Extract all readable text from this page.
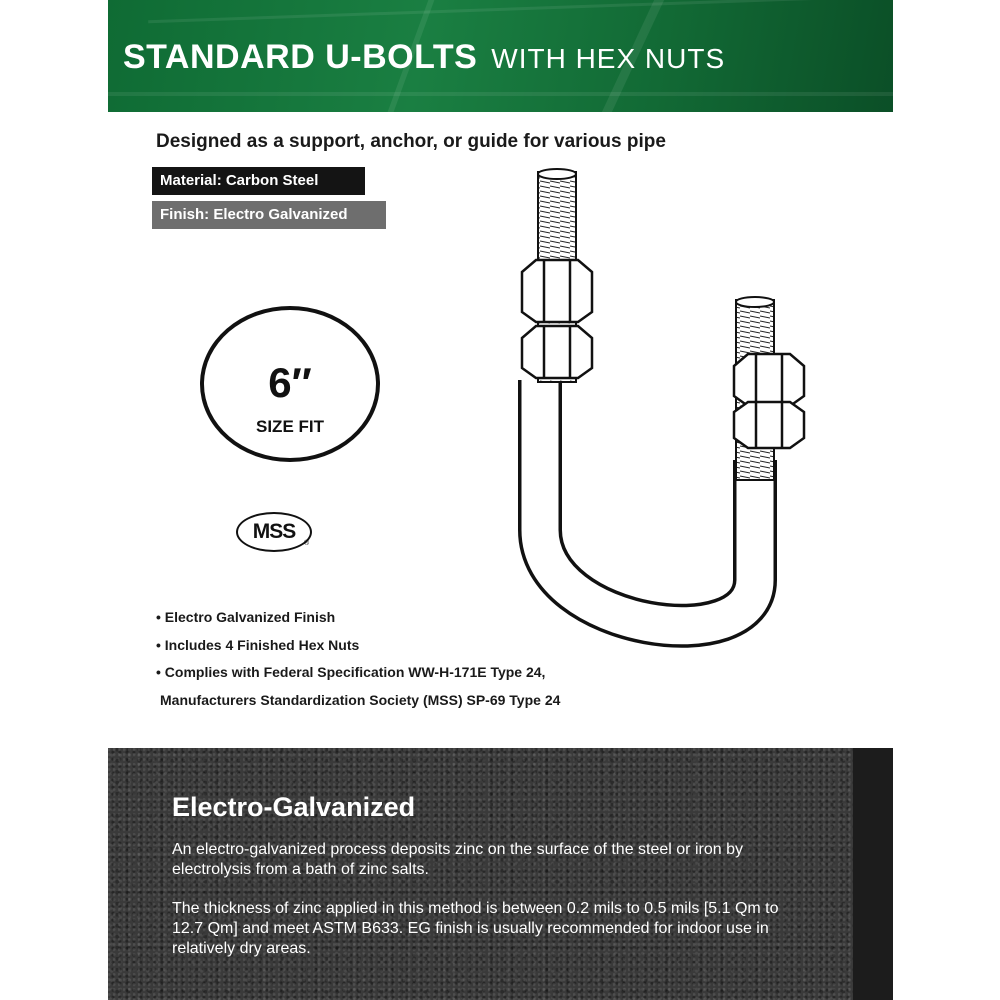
STANDARD U-BOLTS WITH HEX NUTS
Designed as a support, anchor, or guide for various pipe
Material: Carbon Steel
Finish: Electro Galvanized
6″
SIZE FIT
MSS
®
• Electro Galvanized Finish
• Includes 4 Finished Hex Nuts
• Complies with Federal Specification WW-H-171E Type 24,
Manufacturers Standardization Society (MSS) SP-69 Type 24
Electro-Galvanized
An electro-galvanized process deposits zinc on the surface of the steel or iron by electrolysis from a bath of zinc salts.
The thickness of zinc applied in this method is between 0.2 mils to 0.5 mils [5.1 Qm to 12.7 Qm] and meet ASTM B633. EG finish is usually recommended for indoor use in relatively dry areas.
